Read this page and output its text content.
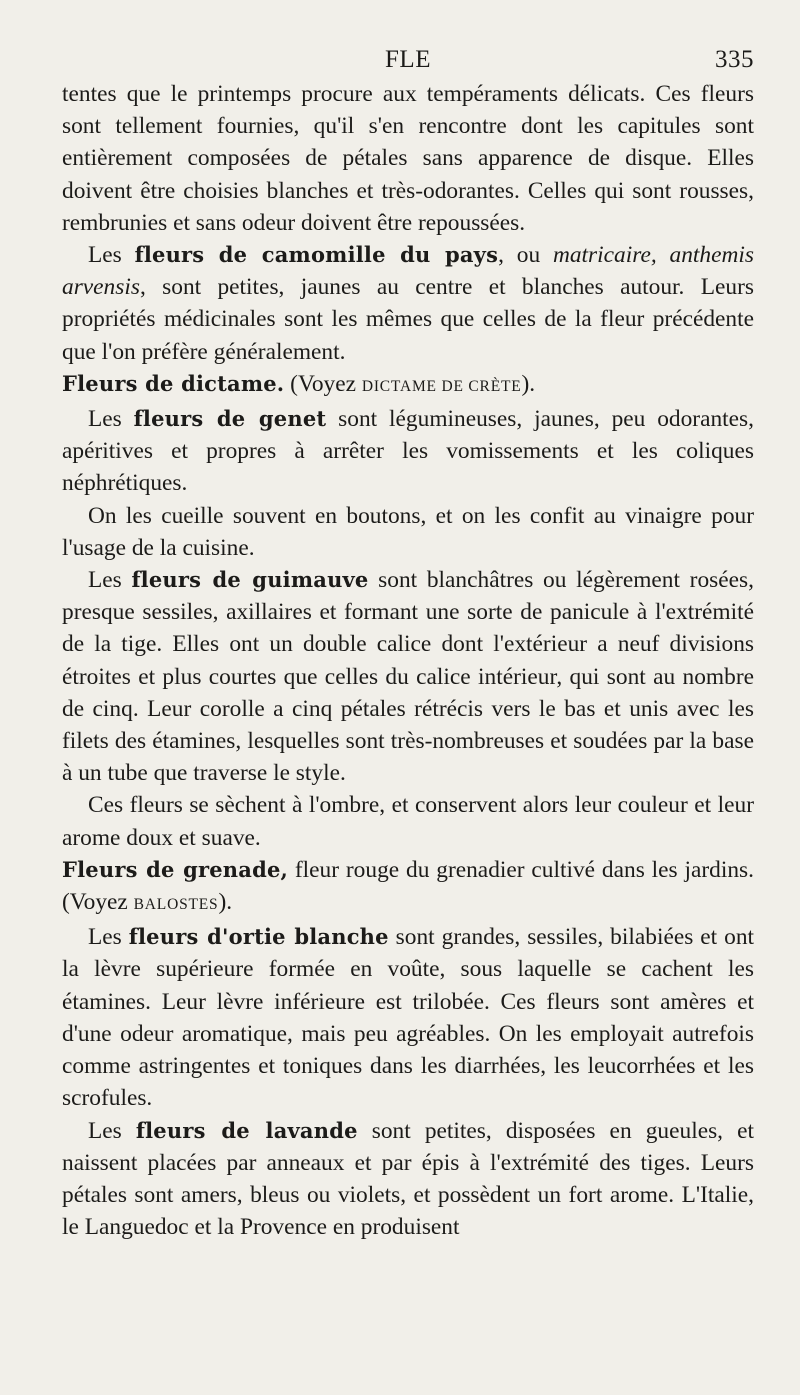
FLE	335

tentes que le printemps procure aux tempéraments délicats. Ces fleurs sont tellement fournies, qu'il s'en rencontre dont les capitules sont entièrement composées de pétales sans apparence de disque. Elles doivent être choisies blanches et très-odorantes. Celles qui sont rousses, rembrunies et sans odeur doivent être repoussées.

Les fleurs de camomille du pays, ou matricaire, anthemis arvensis, sont petites, jaunes au centre et blanches autour. Leurs propriétés médicinales sont les mêmes que celles de la fleur précédente que l'on préfère généralement.

Fleurs de dictame. (Voyez DICTAME DE CRÈTE).

Les fleurs de genet sont légumineuses, jaunes, peu odorantes, apéritives et propres à arrêter les vomissements et les coliques néphrétiques.

On les cueille souvent en boutons, et on les confit au vinaigre pour l'usage de la cuisine.

Les fleurs de guimauve sont blanchâtres ou légèrement rosées, presque sessiles, axillaires et formant une sorte de panicule à l'extrémité de la tige. Elles ont un double calice dont l'extérieur a neuf divisions étroites et plus courtes que celles du calice intérieur, qui sont au nombre de cinq. Leur corolle a cinq pétales rétrécis vers le bas et unis avec les filets des étamines, lesquelles sont très-nombreuses et soudées par la base à un tube que traverse le style.

Ces fleurs se sèchent à l'ombre, et conservent alors leur couleur et leur arome doux et suave.

Fleurs de grenade, fleur rouge du grenadier cultivé dans les jardins. (Voyez BALOSTES).

Les fleurs d'ortie blanche sont grandes, sessiles, bilabiées et ont la lèvre supérieure formée en voûte, sous laquelle se cachent les étamines. Leur lèvre inférieure est trilobée. Ces fleurs sont amères et d'une odeur aromatique, mais peu agréables. On les employait autrefois comme astringentes et toniques dans les diarrhées, les leucorrhées et les scrofules.

Les fleurs de lavande sont petites, disposées en gueules, et naissent placées par anneaux et par épis à l'extrémité des tiges. Leurs pétales sont amers, bleus ou violets, et possèdent un fort arome. L'Italie, le Languedoc et la Provence en produisent
